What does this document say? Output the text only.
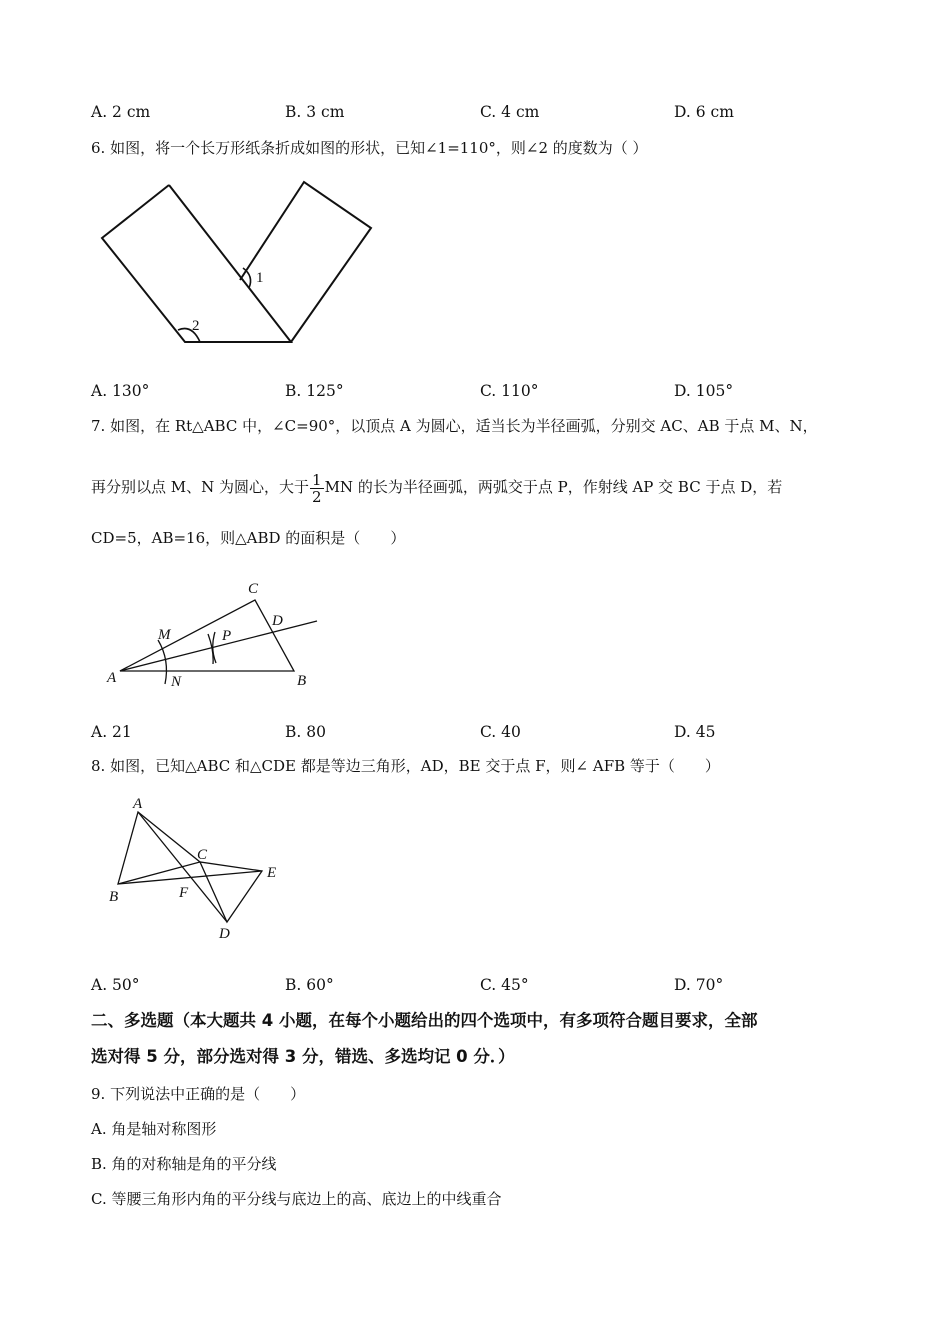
A. 2 cm	B. 3 cm	C. 4 cm	D. 6 cm
6. 如图，将一个长万形纸条折成如图的形状，已知∠1=110°，则∠2 的度数为（ ）
1
2
A. 130°	B. 125°	C. 110°	D. 105°
7. 如图，在 Rt△ABC 中，∠C=90°，以顶点 A 为圆心，适当长为半径画弧，分别交 AC、AB 于点 M、N，
再分别以点 M、N 为圆心，大于 $\frac{1}{2}$ MN 的长为半径画弧，两弧交于点 P，作射线 AP 交 BC 于点 D，若
CD=5，AB=16，则△ABD 的面积是（　　）
A	B
C
D
M
N
P
A. 21	B. 80	C. 40	D. 45
8. 如图，已知△ABC 和△CDE 都是等边三角形，AD，BE 交于点 F，则∠ AFB 等于（　　）
A
B
C
D
E
F
A. 50°	B. 60°	C. 45°	D. 70°
二、多选题（本大题共 4 小题，在每个小题给出的四个选项中，有多项符合题目要求，全部
选对得 5 分，部分选对得 3 分，错选、多选均记 0 分．）
9. 下列说法中正确的是（　　）
A. 角是轴对称图形
B. 角的对称轴是角的平分线
C. 等腰三角形内角的平分线与底边上的高、底边上的中线重合
